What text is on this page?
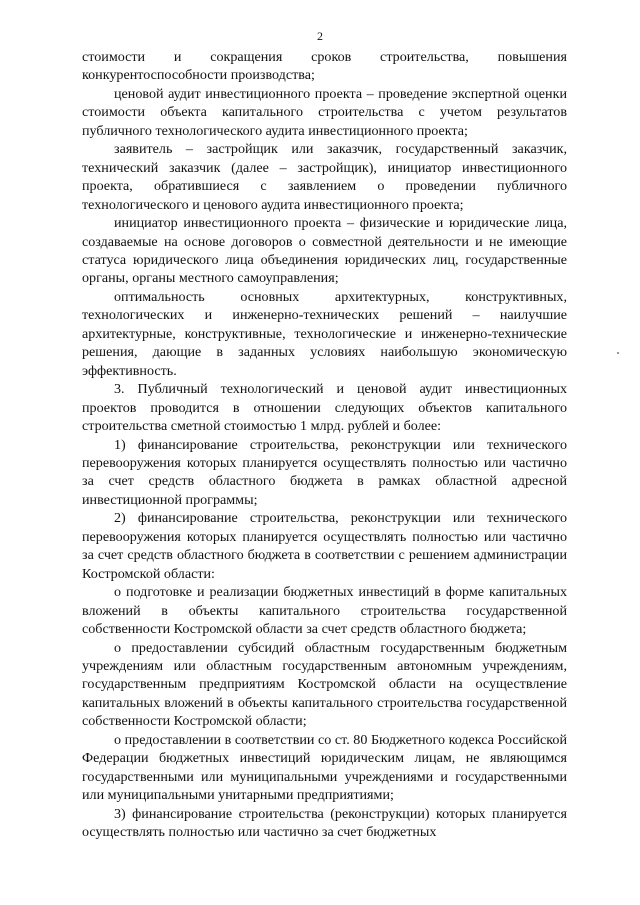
2

стоимости и сокращения сроков строительства, повышения конкурентоспособности производства;

ценовой аудит инвестиционного проекта – проведение экспертной оценки стоимости объекта капитального строительства с учетом результатов публичного технологического аудита инвестиционного проекта;

заявитель – застройщик или заказчик, государственный заказчик, технический заказчик (далее – застройщик), инициатор инвестиционного проекта, обратившиеся с заявлением о проведении публичного технологического и ценового аудита инвестиционного проекта;

инициатор инвестиционного проекта – физические и юридические лица, создаваемые на основе договоров о совместной деятельности и не имеющие статуса юридического лица объединения юридических лиц, государственные органы, органы местного самоуправления;

оптимальность основных архитектурных, конструктивных, технологических и инженерно-технических решений – наилучшие архитектурные, конструктивные, технологические и инженерно-технические решения, дающие в заданных условиях наибольшую экономическую эффективность.

3. Публичный технологический и ценовой аудит инвестиционных проектов проводится в отношении следующих объектов капитального строительства сметной стоимостью 1 млрд. рублей и более:

1) финансирование строительства, реконструкции или технического перевооружения которых планируется осуществлять полностью или частично за счет средств областного бюджета в рамках областной адресной инвестиционной программы;

2) финансирование строительства, реконструкции или технического перевооружения которых планируется осуществлять полностью или частично за счет средств областного бюджета в соответствии с решением администрации Костромской области:

о подготовке и реализации бюджетных инвестиций в форме капитальных вложений в объекты капитального строительства государственной собственности Костромской области за счет средств областного бюджета;

о предоставлении субсидий областным государственным бюджетным учреждениям или областным государственным автономным учреждениям, государственным предприятиям Костромской области на осуществление капитальных вложений в объекты капитального строительства государственной собственности Костромской области;

о предоставлении в соответствии со ст. 80 Бюджетного кодекса Российской Федерации бюджетных инвестиций юридическим лицам, не являющимся государственными или муниципальными учреждениями и государственными или муниципальными унитарными предприятиями;

3) финансирование строительства (реконструкции) которых планируется осуществлять полностью или частично за счет бюджетных
